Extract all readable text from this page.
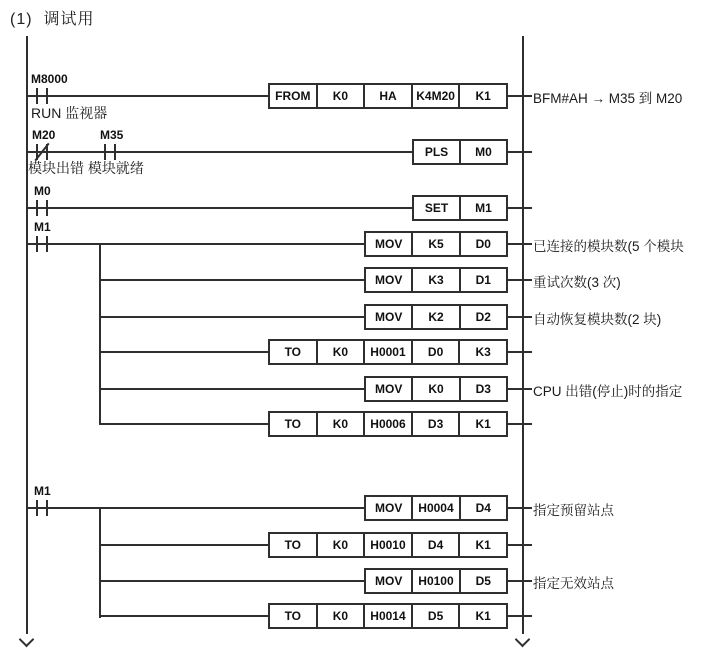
(1)  调试用
M8000
RUN 监视器
FROM	K0	HA	K4M20	K1	BFM#AH → M35 到 M20
M20	M35
模块出错 模块就绪
PLS	M0
M0
SET	M1
M1
MOV	K5	D0	已连接的模块数(5 个模块
MOV	K3	D1	重试次数(3 次)
MOV	K2	D2	自动恢复模块数(2 块)
TO	K0	H0001	D0	K3
MOV	K0	D3	CPU 出错(停止)时的指定
TO	K0	H0006	D3	K1
M1
MOV	H0004	D4	指定预留站点
TO	K0	H0010	D4	K1
MOV	H0100	D5	指定无效站点
TO	K0	H0014	D5	K1
